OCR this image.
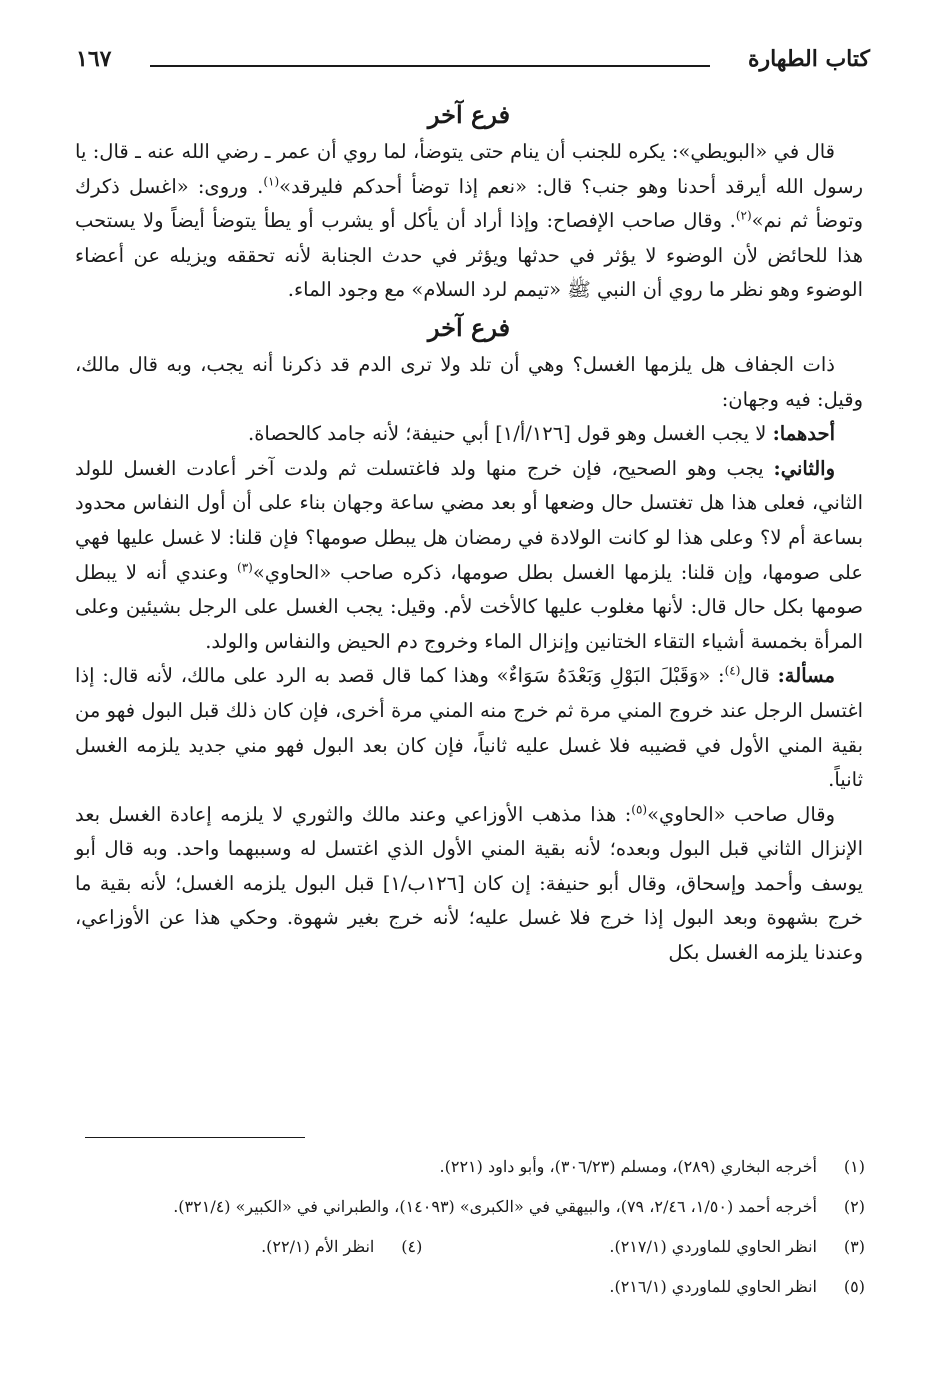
كتاب الطهارة
١٦٧
فرع آخر

قال في «البويطي»: يكره للجنب أن ينام حتى يتوضأ، لما روي أن عمر ـ رضي الله عنه ـ قال: يا رسول الله أيرقد أحدنا وهو جنب؟ قال: «نعم إذا توضأ أحدكم فليرقد»$^{(١)}$. وروى: «اغسل ذكرك وتوضأ ثم نم»$^{(٢)}$. وقال صاحب الإفصاح: وإذا أراد أن يأكل أو يشرب أو يطأ يتوضأ أيضاً ولا يستحب هذا للحائض لأن الوضوء لا يؤثر في حدثها ويؤثر في حدث الجنابة لأنه تحققه ويزيله عن أعضاء الوضوء وهو نظر ما روي أن النبي ﷺ «تيمم لرد السلام» مع وجود الماء.

فرع آخر

ذات الجفاف هل يلزمها الغسل؟ وهي أن تلد ولا ترى الدم قد ذكرنا أنه يجب، وبه قال مالك، وقيل: فيه وجهان:

أحدهما: لا يجب الغسل وهو قول [١٢٦/أ/١] أبي حنيفة؛ لأنه جامد كالحصاة.

والثاني: يجب وهو الصحيح، فإن خرج منها ولد فاغتسلت ثم ولدت آخر أعادت الغسل للولد الثاني، فعلى هذا هل تغتسل حال وضعها أو بعد مضي ساعة وجهان بناء على أن أول النفاس محدود بساعة أم لا؟ وعلى هذا لو كانت الولادة في رمضان هل يبطل صومها؟ فإن قلنا: لا غسل عليها فهي على صومها، وإن قلنا: يلزمها الغسل بطل صومها، ذكره صاحب «الحاوي»$^{(٣)}$ وعندي أنه لا يبطل صومها بكل حال قال: لأنها مغلوب عليها كالأخت لأم. وقيل: يجب الغسل على الرجل بشيئين وعلى المرأة بخمسة أشياء التقاء الختانين وإنزال الماء وخروج دم الحيض والنفاس والولد.

مسألة: قال$^{(٤)}$: «وَقَبْلَ البَوْلِ وَبَعْدَهُ سَوَاءٌ» وهذا كما قال قصد به الرد على مالك، لأنه قال: إذا اغتسل الرجل عند خروج المني مرة ثم خرج منه المني مرة أخرى، فإن كان ذلك قبل البول فهو من بقية المني الأول في قضيبه فلا غسل عليه ثانياً، فإن كان بعد البول فهو مني جديد يلزمه الغسل ثانياً.

وقال صاحب «الحاوي»$^{(٥)}$: هذا مذهب الأوزاعي وعند مالك والثوري لا يلزمه إعادة الغسل بعد الإنزال الثاني قبل البول وبعده؛ لأنه بقية المني الأول الذي اغتسل له وسببهما واحد. وبه قال أبو يوسف وأحمد وإسحاق، وقال أبو حنيفة: إن كان [١٢٦ب/١] قبل البول يلزمه الغسل؛ لأنه بقية ما خرج بشهوة وبعد البول إذا خرج فلا غسل عليه؛ لأنه خرج بغير شهوة. وحكي هذا عن الأوزاعي، وعندنا يلزمه الغسل بكل

(١)
أخرجه البخاري (٢٨٩)، ومسلم (٣٠٦/٢٣)، وأبو داود (٢٢١).
(٢)
أخرجه أحمد (١/٥٠، ٢/٤٦، ٧٩)، والبيهقي في «الكبرى» (١٤٠٩٣)، والطبراني في «الكبير» (٣٢١/٤).
(٣)
انظر الحاوي للماوردي (٢١٧/١).
(٤)
انظر الأم (٢٢/١).
(٥)
انظر الحاوي للماوردي (٢١٦/١).
